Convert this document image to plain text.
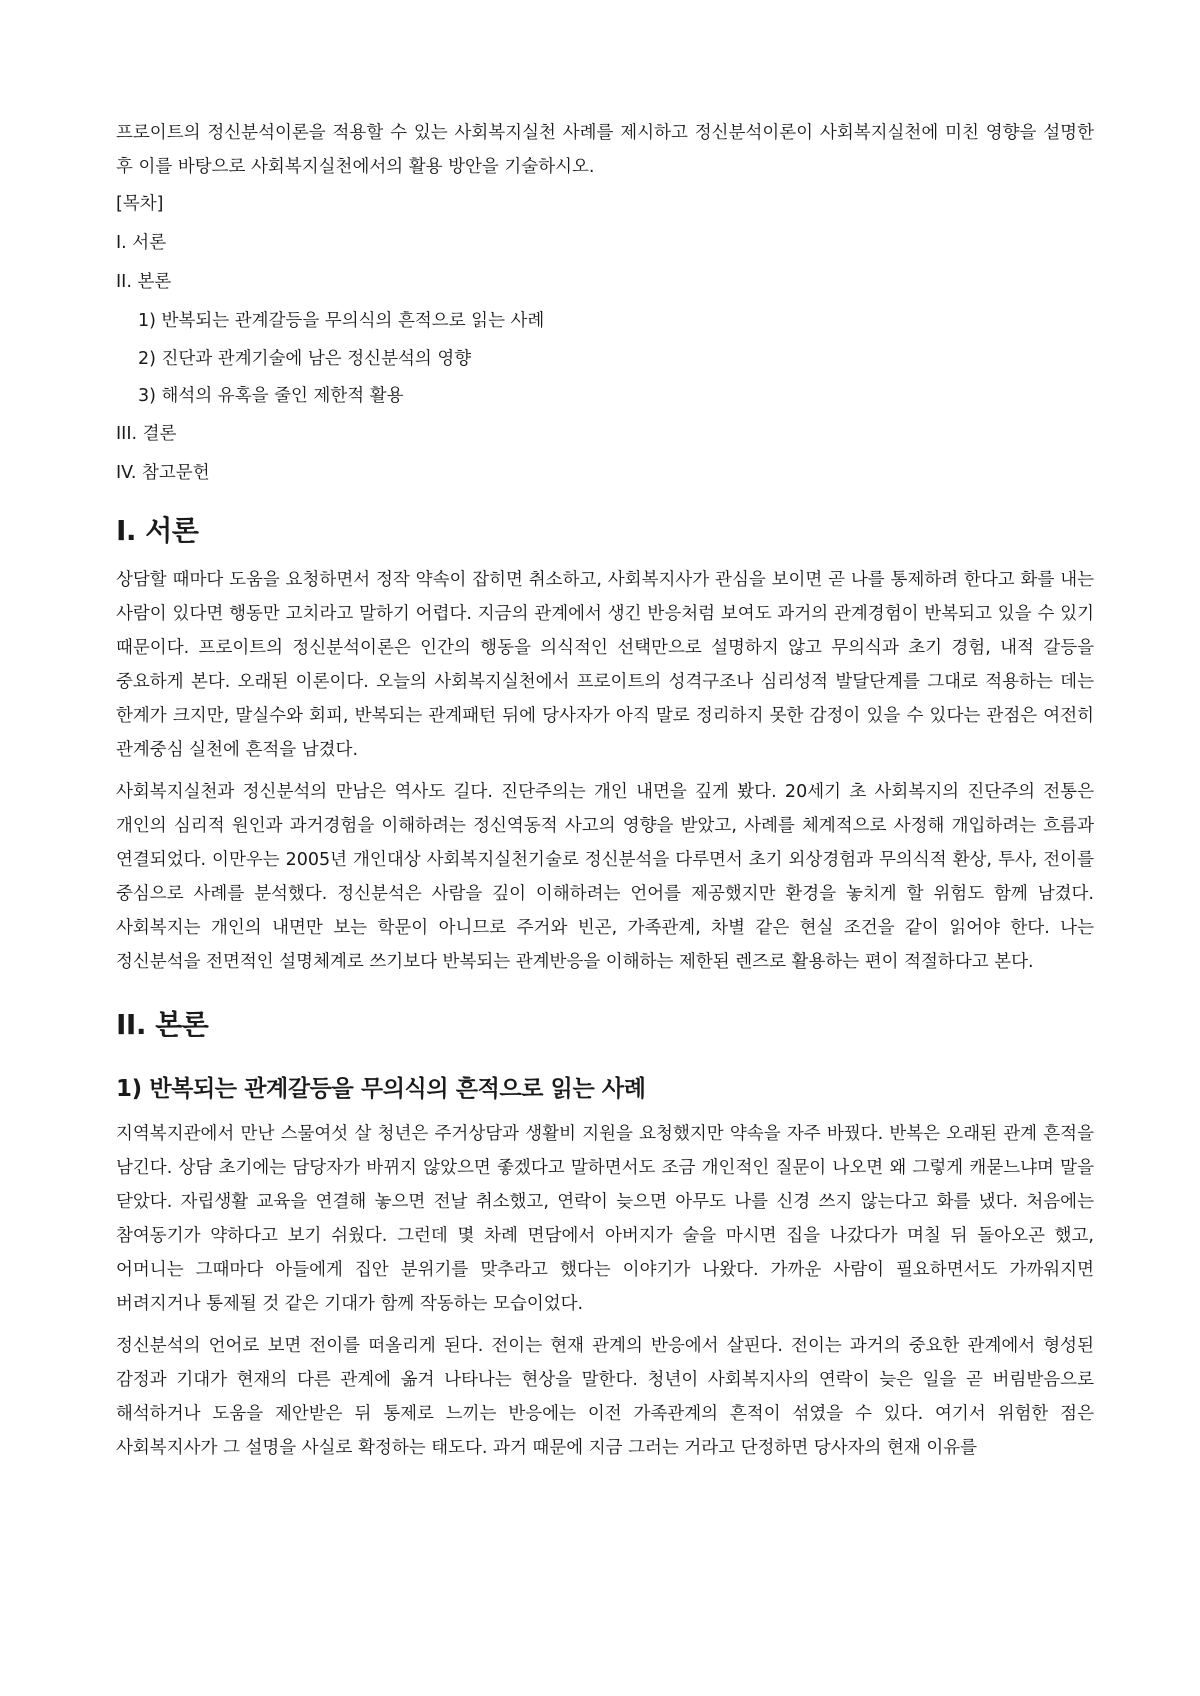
프로이트의 정신분석이론을 적용할 수 있는 사회복지실천 사례를 제시하고 정신분석이론이 사회복지실천에 미친 영향을 설명한 후 이를 바탕으로 사회복지실천에서의 활용 방안을 기술하시오.

[목차]
I. 서론
II. 본론
1) 반복되는 관계갈등을 무의식의 흔적으로 읽는 사례
2) 진단과 관계기술에 남은 정신분석의 영향
3) 해석의 유혹을 줄인 제한적 활용
III. 결론
IV. 참고문헌
I. 서론

상담할 때마다 도움을 요청하면서 정작 약속이 잡히면 취소하고, 사회복지사가 관심을 보이면 곧 나를 통제하려 한다고 화를 내는 사람이 있다면 행동만 고치라고 말하기 어렵다. 지금의 관계에서 생긴 반응처럼 보여도 과거의 관계경험이 반복되고 있을 수 있기 때문이다. 프로이트의 정신분석이론은 인간의 행동을 의식적인 선택만으로 설명하지 않고 무의식과 초기 경험, 내적 갈등을 중요하게 본다. 오래된 이론이다. 오늘의 사회복지실천에서 프로이트의 성격구조나 심리성적 발달단계를 그대로 적용하는 데는 한계가 크지만, 말실수와 회피, 반복되는 관계패턴 뒤에 당사자가 아직 말로 정리하지 못한 감정이 있을 수 있다는 관점은 여전히 관계중심 실천에 흔적을 남겼다.

사회복지실천과 정신분석의 만남은 역사도 길다. 진단주의는 개인 내면을 깊게 봤다. 20세기 초 사회복지의 진단주의 전통은 개인의 심리적 원인과 과거경험을 이해하려는 정신역동적 사고의 영향을 받았고, 사례를 체계적으로 사정해 개입하려는 흐름과 연결되었다. 이만우는 2005년 개인대상 사회복지실천기술로 정신분석을 다루면서 초기 외상경험과 무의식적 환상, 투사, 전이를 중심으로 사례를 분석했다. 정신분석은 사람을 깊이 이해하려는 언어를 제공했지만 환경을 놓치게 할 위험도 함께 남겼다. 사회복지는 개인의 내면만 보는 학문이 아니므로 주거와 빈곤, 가족관계, 차별 같은 현실 조건을 같이 읽어야 한다. 나는 정신분석을 전면적인 설명체계로 쓰기보다 반복되는 관계반응을 이해하는 제한된 렌즈로 활용하는 편이 적절하다고 본다.

II. 본론
1) 반복되는 관계갈등을 무의식의 흔적으로 읽는 사례

지역복지관에서 만난 스물여섯 살 청년은 주거상담과 생활비 지원을 요청했지만 약속을 자주 바꿨다. 반복은 오래된 관계 흔적을 남긴다. 상담 초기에는 담당자가 바뀌지 않았으면 좋겠다고 말하면서도 조금 개인적인 질문이 나오면 왜 그렇게 캐묻느냐며 말을 닫았다. 자립생활 교육을 연결해 놓으면 전날 취소했고, 연락이 늦으면 아무도 나를 신경 쓰지 않는다고 화를 냈다. 처음에는 참여동기가 약하다고 보기 쉬웠다. 그런데 몇 차례 면담에서 아버지가 술을 마시면 집을 나갔다가 며칠 뒤 돌아오곤 했고, 어머니는 그때마다 아들에게 집안 분위기를 맞추라고 했다는 이야기가 나왔다. 가까운 사람이 필요하면서도 가까워지면 버려지거나 통제될 것 같은 기대가 함께 작동하는 모습이었다.

정신분석의 언어로 보면 전이를 떠올리게 된다. 전이는 현재 관계의 반응에서 살핀다. 전이는 과거의 중요한 관계에서 형성된 감정과 기대가 현재의 다른 관계에 옮겨 나타나는 현상을 말한다. 청년이 사회복지사의 연락이 늦은 일을 곧 버림받음으로 해석하거나 도움을 제안받은 뒤 통제로 느끼는 반응에는 이전 가족관계의 흔적이 섞였을 수 있다. 여기서 위험한 점은 사회복지사가 그 설명을 사실로 확정하는 태도다. 과거 때문에 지금 그러는 거라고 단정하면 당사자의 현재 이유를
